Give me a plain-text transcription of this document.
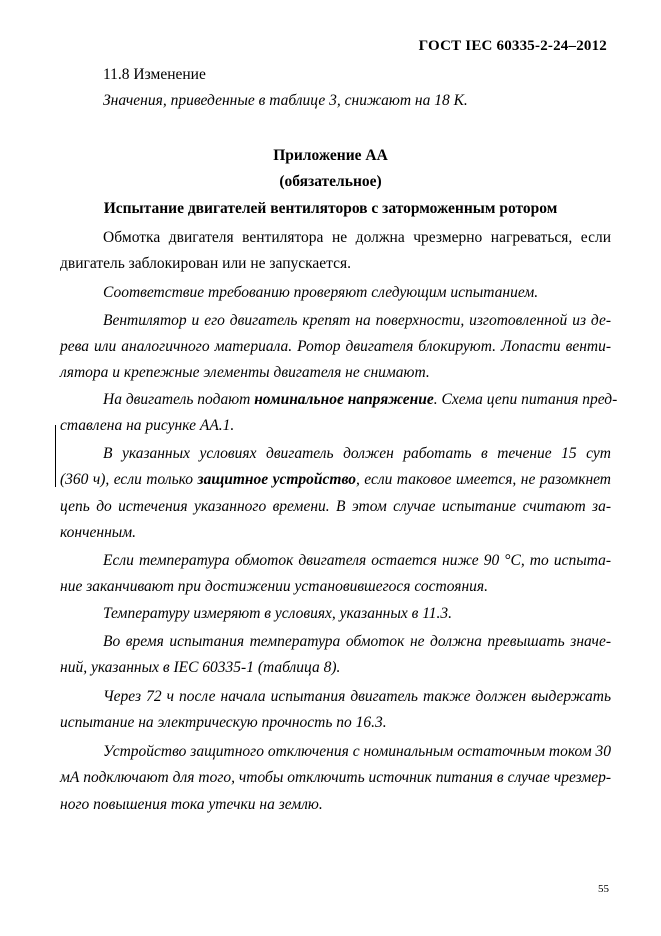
ГОСТ IEC 60335-2-24–2012
11.8 Изменение
Значения, приведенные в таблице 3, снижают на 18 К.
Приложение АА
(обязательное)
Испытание двигателей вентиляторов с заторможенным ротором
Обмотка двигателя вентилятора не должна чрезмерно нагреваться, если
двигатель заблокирован или не запускается.
Соответствие требованию проверяют следующим испытанием.
Вентилятор и его двигатель крепят на поверхности, изготовленной из де-
рева или аналогичного материала. Ротор двигателя блокируют. Лопасти венти-
лятора и крепежные элементы двигателя не снимают.
На двигатель подают номинальное напряжение. Схема цепи питания пред-
ставлена на рисунке АА.1.
В указанных условиях двигатель должен работать в течение 15 сут
(360 ч), если только защитное устройство, если таковое имеется, не разомкнет
цепь до истечения указанного времени. В этом случае испытание считают за-
конченным.
Если температура обмоток двигателя остается ниже 90 °С, то испыта-
ние заканчивают при достижении установившегося состояния.
Температуру измеряют в условиях, указанных в 11.3.
Во время испытания температура обмоток не должна превышать значе-
ний, указанных в IEC 60335-1 (таблица 8).
Через 72 ч после начала испытания двигатель также должен выдержать
испытание на электрическую прочность по 16.3.
Устройство защитного отключения с номинальным остаточным током 30
мА подключают для того, чтобы отключить источник питания в случае чрезмер-
ного повышения тока утечки на землю.
55
